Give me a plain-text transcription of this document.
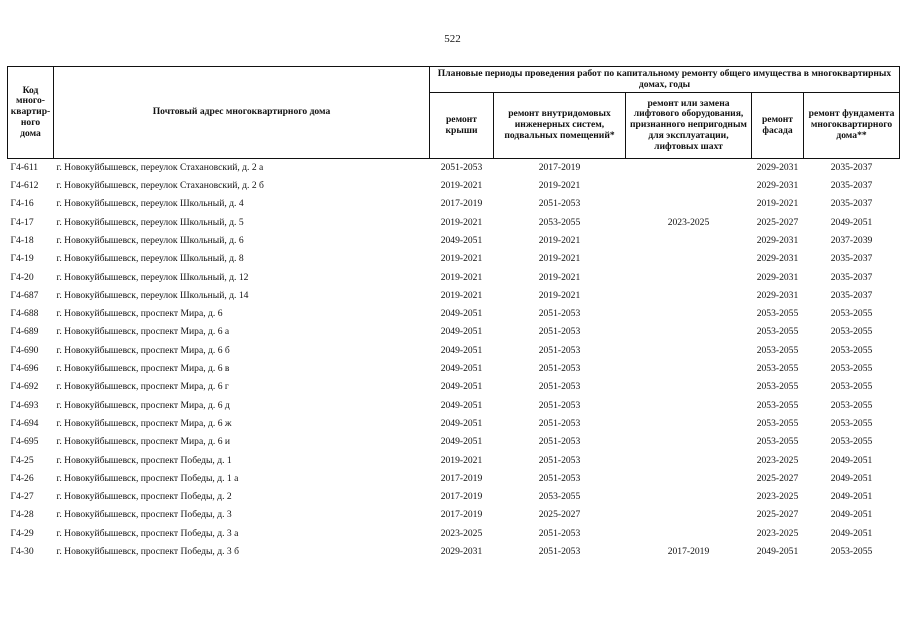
522
Код много-квартир-ного дома	Почтовый адрес многоквартирного дома	Плановые периоды проведения работ по капитальному ремонту общего имущества в многоквартирных домах, годы				
		ремонт крыши	ремонт внутридомовых инженерных систем, подвальных помещений*	ремонт или замена лифтового оборудования, признанного непригодным для эксплуатации, лифтовых шахт	ремонт фасада	ремонт фундамента многоквартирного дома**
Г4-611	г. Новокуйбышевск, переулок Стахановский, д. 2 а	2051-2053	2017-2019		2029-2031	2035-2037
Г4-612	г. Новокуйбышевск, переулок Стахановский, д. 2 б	2019-2021	2019-2021		2029-2031	2035-2037
Г4-16	г. Новокуйбышевск, переулок Школьный, д. 4	2017-2019	2051-2053		2019-2021	2035-2037
Г4-17	г. Новокуйбышевск, переулок Школьный, д. 5	2019-2021	2053-2055	2023-2025	2025-2027	2049-2051
Г4-18	г. Новокуйбышевск, переулок Школьный, д. 6	2049-2051	2019-2021		2029-2031	2037-2039
Г4-19	г. Новокуйбышевск, переулок Школьный, д. 8	2019-2021	2019-2021		2029-2031	2035-2037
Г4-20	г. Новокуйбышевск, переулок Школьный, д. 12	2019-2021	2019-2021		2029-2031	2035-2037
Г4-687	г. Новокуйбышевск, переулок Школьный, д. 14	2019-2021	2019-2021		2029-2031	2035-2037
Г4-688	г. Новокуйбышевск, проспект Мира, д. 6	2049-2051	2051-2053		2053-2055	2053-2055
Г4-689	г. Новокуйбышевск, проспект Мира, д. 6 а	2049-2051	2051-2053		2053-2055	2053-2055
Г4-690	г. Новокуйбышевск, проспект Мира, д. 6 б	2049-2051	2051-2053		2053-2055	2053-2055
Г4-696	г. Новокуйбышевск, проспект Мира, д. 6 в	2049-2051	2051-2053		2053-2055	2053-2055
Г4-692	г. Новокуйбышевск, проспект Мира, д. 6 г	2049-2051	2051-2053		2053-2055	2053-2055
Г4-693	г. Новокуйбышевск, проспект Мира, д. 6 д	2049-2051	2051-2053		2053-2055	2053-2055
Г4-694	г. Новокуйбышевск, проспект Мира, д. 6 ж	2049-2051	2051-2053		2053-2055	2053-2055
Г4-695	г. Новокуйбышевск, проспект Мира, д. 6 и	2049-2051	2051-2053		2053-2055	2053-2055
Г4-25	г. Новокуйбышевск, проспект Победы, д. 1	2019-2021	2051-2053		2023-2025	2049-2051
Г4-26	г. Новокуйбышевск, проспект Победы, д. 1 а	2017-2019	2051-2053		2025-2027	2049-2051
Г4-27	г. Новокуйбышевск, проспект Победы, д. 2	2017-2019	2053-2055		2023-2025	2049-2051
Г4-28	г. Новокуйбышевск, проспект Победы, д. 3	2017-2019	2025-2027		2025-2027	2049-2051
Г4-29	г. Новокуйбышевск, проспект Победы, д. 3 а	2023-2025	2051-2053		2023-2025	2049-2051
Г4-30	г. Новокуйбышевск, проспект Победы, д. 3 б	2029-2031	2051-2053	2017-2019	2049-2051	2053-2055
